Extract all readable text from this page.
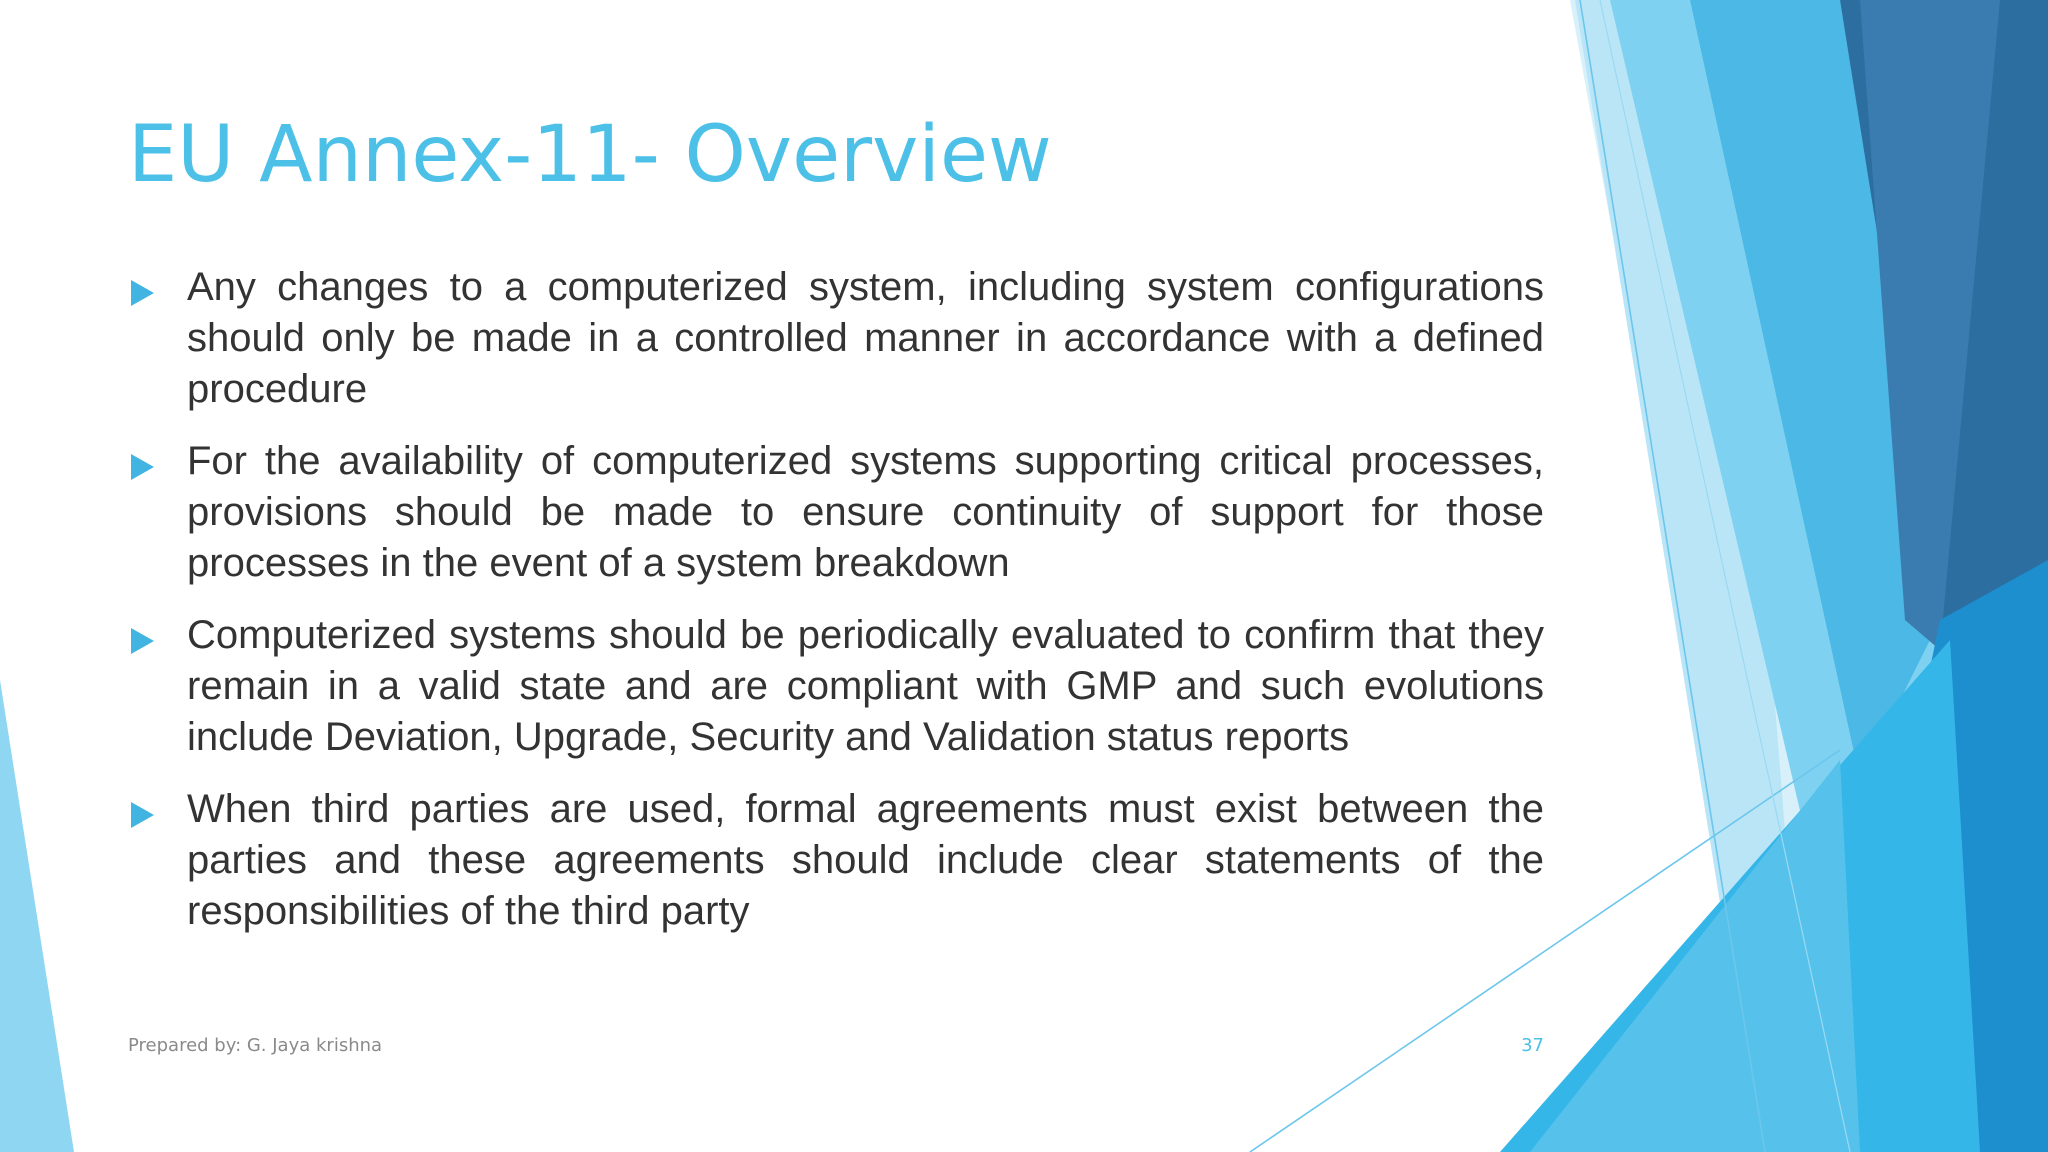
EU Annex-11- Overview
Any changes to a computerized system, including system configurations should only be made in a controlled manner in accordance with a defined procedure
For the availability of computerized systems supporting critical processes, provisions should be made to ensure continuity of support for those processes in the event of a system breakdown
Computerized systems should be periodically evaluated to confirm that they remain in a valid state and are compliant with GMP and such evolutions include Deviation, Upgrade, Security and Validation status reports
When third parties are used, formal agreements must exist between the parties and these agreements should include clear statements of the responsibilities of the third party
Prepared by: G. Jaya krishna	37
